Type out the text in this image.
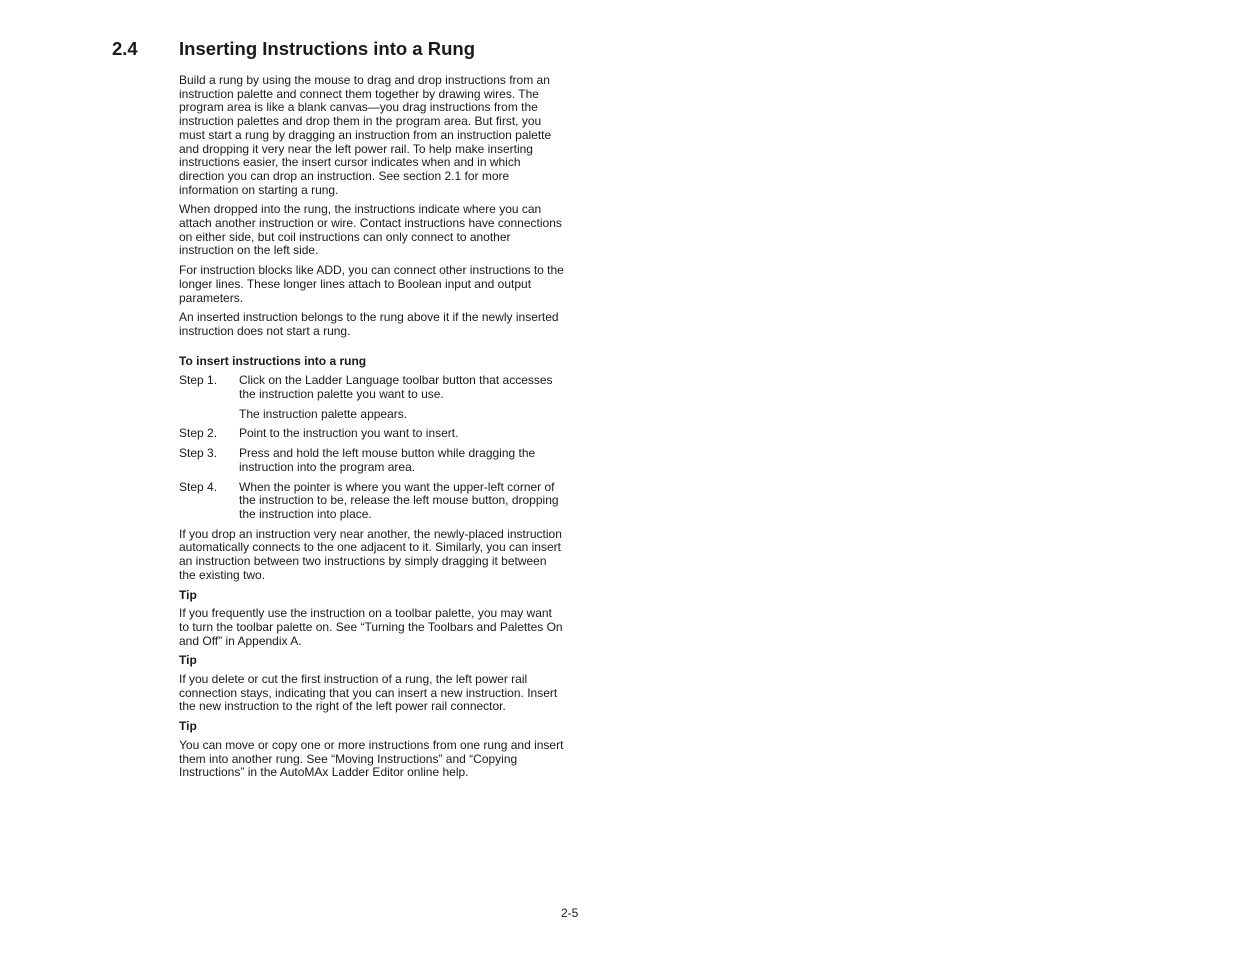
2.4 Inserting Instructions into a Rung

Build a rung by using the mouse to drag and drop instructions from an instruction palette and connect them together by drawing wires. The program area is like a blank canvas—you drag instructions from the instruction palettes and drop them in the program area. But first, you must start a rung by dragging an instruction from an instruction palette and dropping it very near the left power rail. To help make inserting instructions easier, the insert cursor indicates when and in which direction you can drop an instruction. See section 2.1 for more information on starting a rung.

When dropped into the rung, the instructions indicate where you can attach another instruction or wire. Contact instructions have connections on either side, but coil instructions can only connect to another instruction on the left side.

For instruction blocks like ADD, you can connect other instructions to the longer lines. These longer lines attach to Boolean input and output parameters.

An inserted instruction belongs to the rung above it if the newly inserted instruction does not start a rung.

To insert instructions into a rung

Step 1.	Click on the Ladder Language toolbar button that accesses the instruction palette you want to use.

The instruction palette appears.

Step 2.	Point to the instruction you want to insert.

Step 3.	Press and hold the left mouse button while dragging the instruction into the program area.

Step 4.	When the pointer is where you want the upper-left corner of the instruction to be, release the left mouse button, dropping the instruction into place.

If you drop an instruction very near another, the newly-placed instruction automatically connects to the one adjacent to it. Similarly, you can insert an instruction between two instructions by simply dragging it between the existing two.

Tip

If you frequently use the instruction on a toolbar palette, you may want to turn the toolbar palette on. See “Turning the Toolbars and Palettes On and Off” in Appendix A.

Tip

If you delete or cut the first instruction of a rung, the left power rail connection stays, indicating that you can insert a new instruction. Insert the new instruction to the right of the left power rail connector.

Tip

You can move or copy one or more instructions from one rung and insert them into another rung. See “Moving Instructions” and “Copying Instructions” in the AutoMAx Ladder Editor online help.

2-5
